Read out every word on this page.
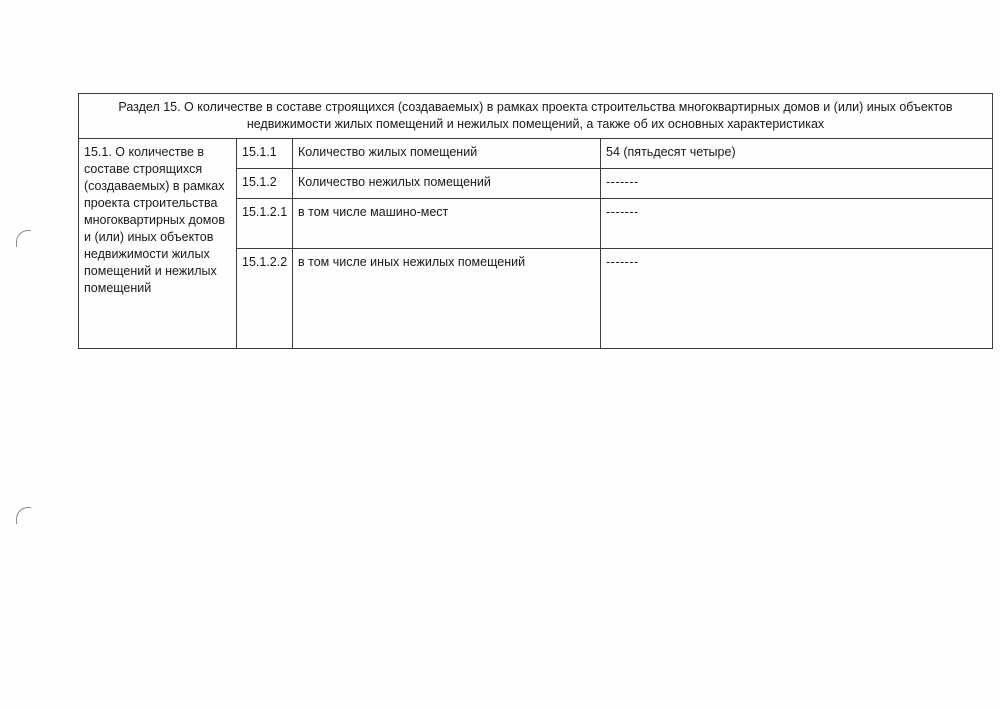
Раздел 15. О количестве в составе строящихся (создаваемых) в рамках проекта строительства многоквартирных домов и (или) иных объектов недвижимости жилых помещений и нежилых помещений, а также об их основных характеристиках			
15.1. О количестве в составе строящихся (создаваемых) в рамках проекта строительства многоквартирных домов и (или) иных объектов недвижимости жилых помещений и нежилых помещений	15.1.1	Количество жилых помещений	54 (пятьдесят четыре)
	15.1.2	Количество нежилых помещений	-------
	15.1.2.1	в том числе машино-мест	-------
	15.1.2.2	в том числе иных нежилых помещений	-------
